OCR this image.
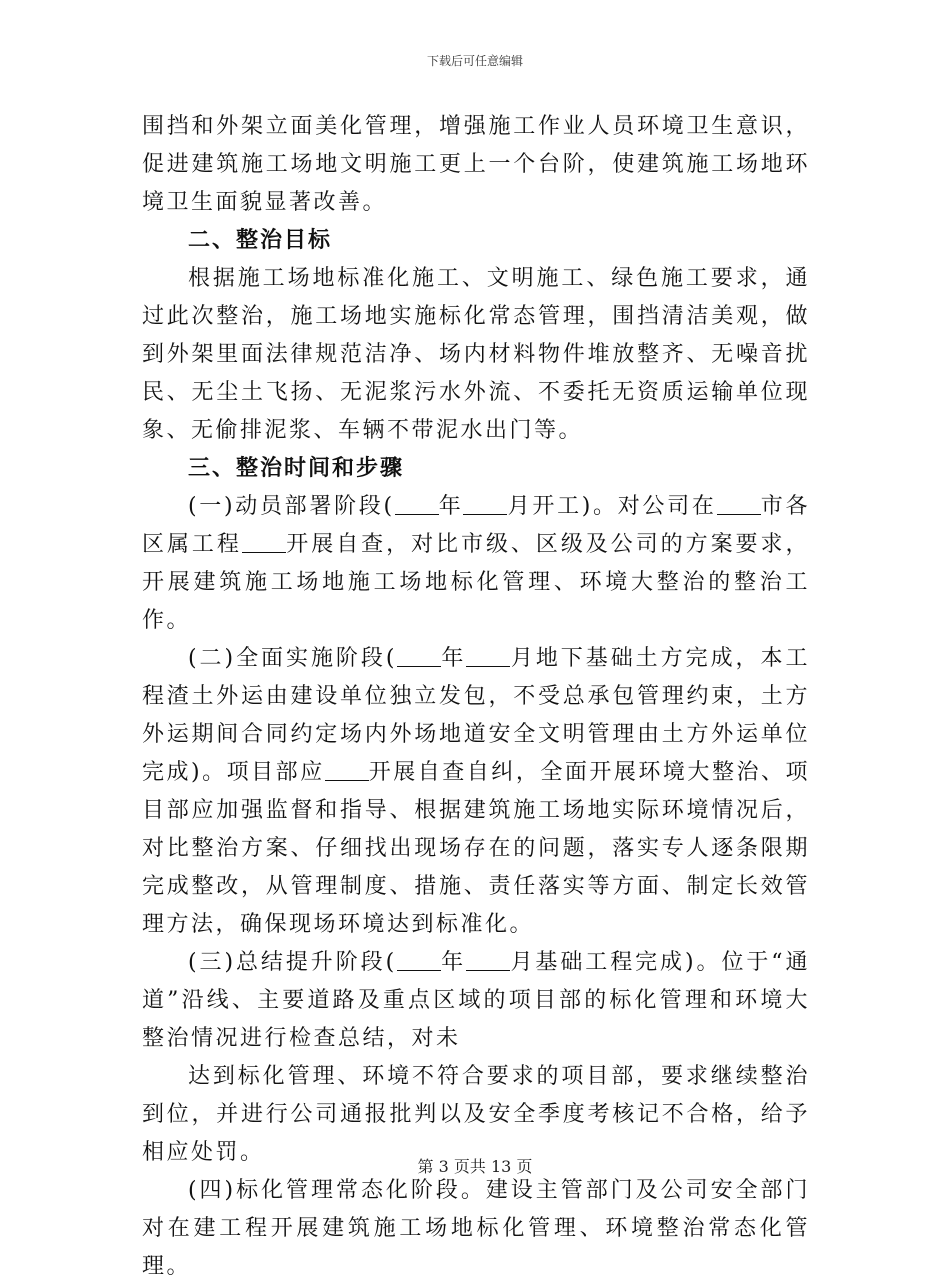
下载后可任意编辑

围挡和外架立面美化管理，增强施工作业人员环境卫生意识，促进建筑施工场地文明施工更上一个台阶，使建筑施工场地环境卫生面貌显著改善。

二、整治目标

根据施工场地标准化施工、文明施工、绿色施工要求，通过此次整治，施工场地实施标化常态管理，围挡清洁美观，做到外架里面法律规范洁净、场内材料物件堆放整齐、无噪音扰民、无尘土飞扬、无泥浆污水外流、不委托无资质运输单位现象、无偷排泥浆、车辆不带泥水出门等。

三、整治时间和步骤

(一)动员部署阶段( 年 月开工)。对公司在 市各区属工程 开展自查，对比市级、区级及公司的方案要求，开展建筑施工场地施工场地标化管理、环境大整治的整治工作。

(二)全面实施阶段( 年 月地下基础土方完成，本工程渣土外运由建设单位独立发包，不受总承包管理约束，土方外运期间合同约定场内外场地道安全文明管理由土方外运单位完成)。项目部应 开展自查自纠，全面开展环境大整治、项目部应加强监督和指导、根据建筑施工场地实际环境情况后，对比整治方案、仔细找出现场存在的问题，落实专人逐条限期完成整改，从管理制度、措施、责任落实等方面、制定长效管理方法，确保现场环境达到标准化。

(三)总结提升阶段( 年 月基础工程完成)。位于“通道”沿线、主要道路及重点区域的项目部的标化管理和环境大整治情况进行检查总结，对未

达到标化管理、环境不符合要求的项目部，要求继续整治到位，并进行公司通报批判以及安全季度考核记不合格，给予相应处罚。

(四)标化管理常态化阶段。建设主管部门及公司安全部门对在建工程开展建筑施工场地标化管理、环境整治常态化管理。

第 3 页共 13 页
